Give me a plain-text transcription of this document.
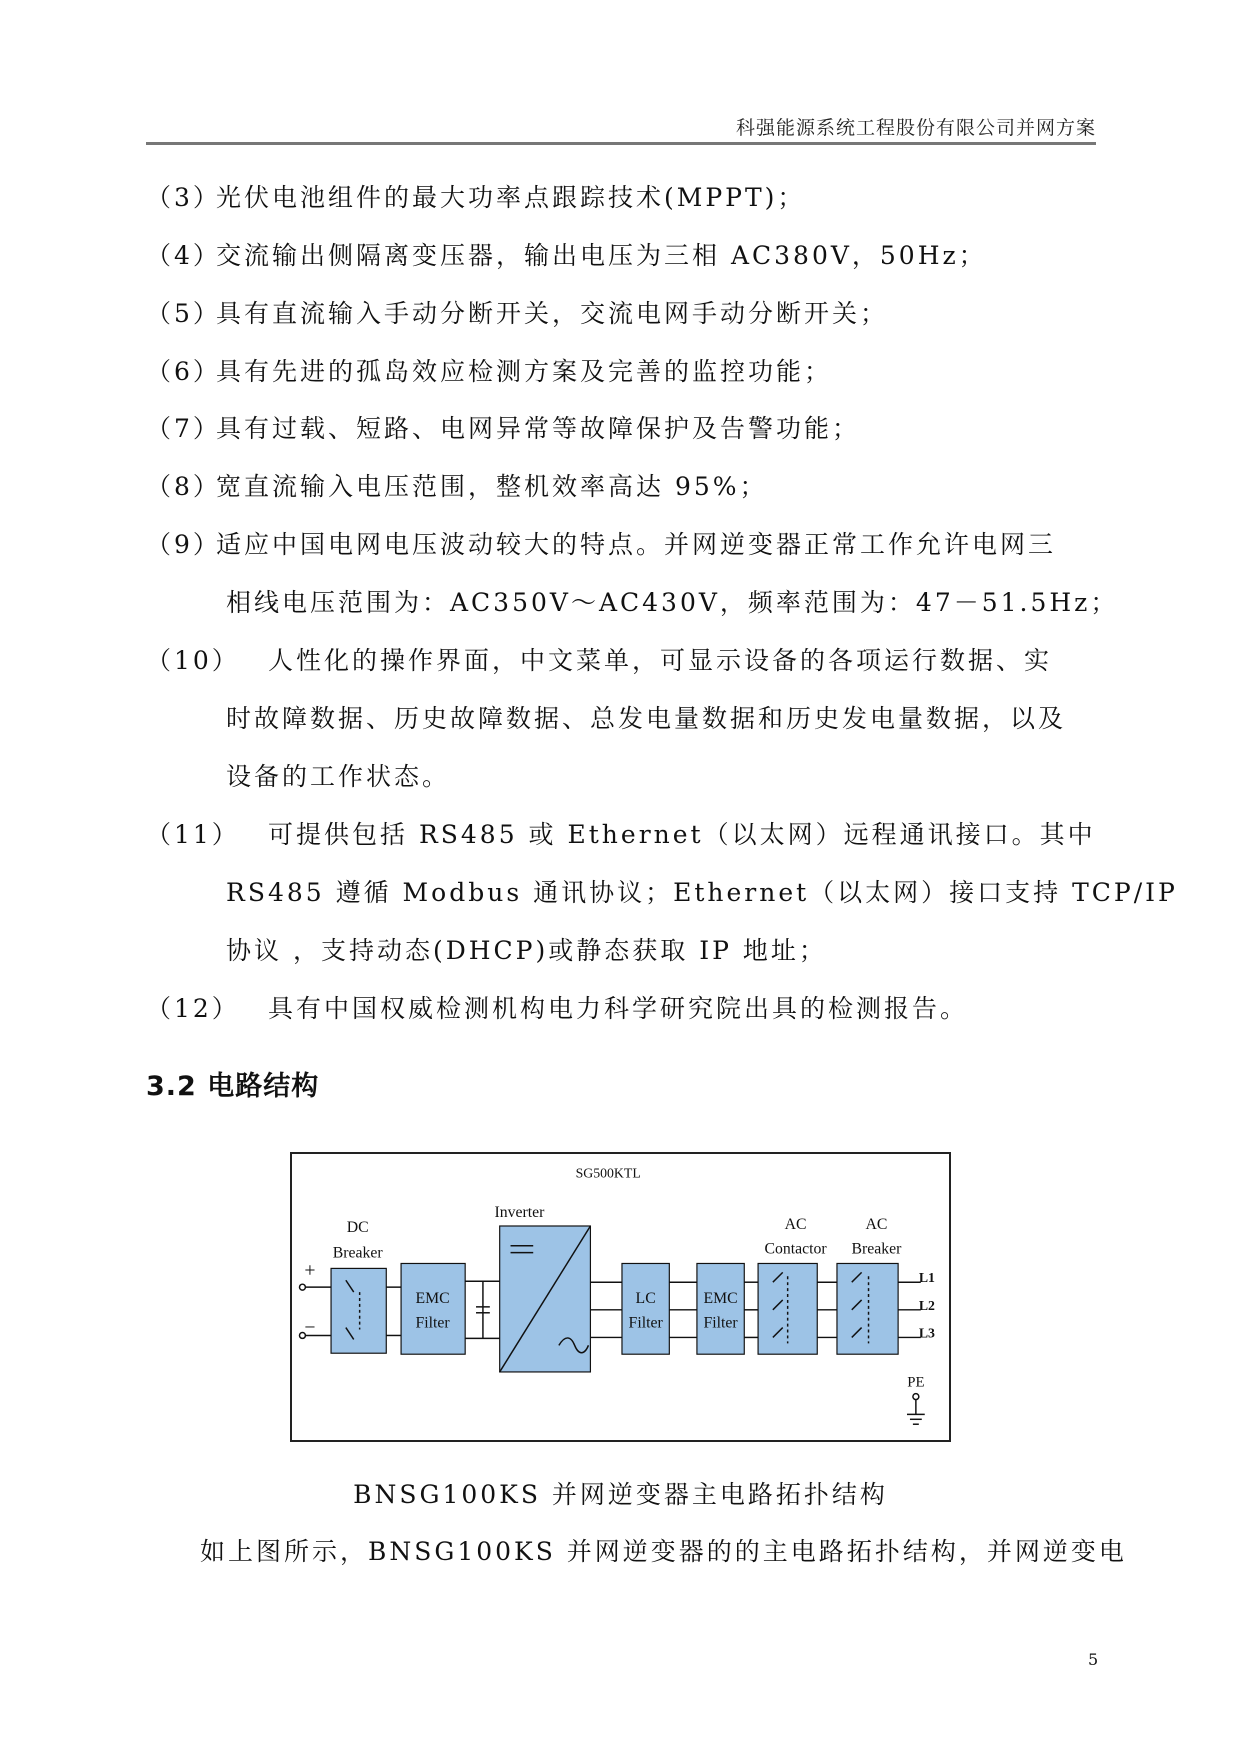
科强能源系统工程股份有限公司并网方案
（3）光伏电池组件的最大功率点跟踪技术(MPPT)；
（4）交流输出侧隔离变压器，输出电压为三相 AC380V，50Hz；
（5）具有直流输入手动分断开关，交流电网手动分断开关；
（6）具有先进的孤岛效应检测方案及完善的监控功能；
（7）具有过载、短路、电网异常等故障保护及告警功能；
（8）宽直流输入电压范围，整机效率高达 95%；
（9）适应中国电网电压波动较大的特点。并网逆变器正常工作允许电网三
相线电压范围为：AC350V～AC430V，频率范围为：47－51.5Hz；
（10） 人性化的操作界面，中文菜单，可显示设备的各项运行数据、实
时故障数据、历史故障数据、总发电量数据和历史发电量数据，以及
设备的工作状态。
（11） 可提供包括 RS485 或 Ethernet（以太网）远程通讯接口。其中
RS485 遵循 Modbus 通讯协议；Ethernet（以太网）接口支持 TCP/IP
协议 ，支持动态(DHCP)或静态获取 IP 地址；
（12） 具有中国权威检测机构电力科学研究院出具的检测报告。
3.2 电路结构
SG500KTL
DC
Breaker
Inverter
AC
Contactor
AC
Breaker
+
−
EMC
Filter
LC
Filter
EMC
Filter
L1
L2
L3
PE
BNSG100KS 并网逆变器主电路拓扑结构
如上图所示，BNSG100KS 并网逆变器的的主电路拓扑结构，并网逆变电
5
